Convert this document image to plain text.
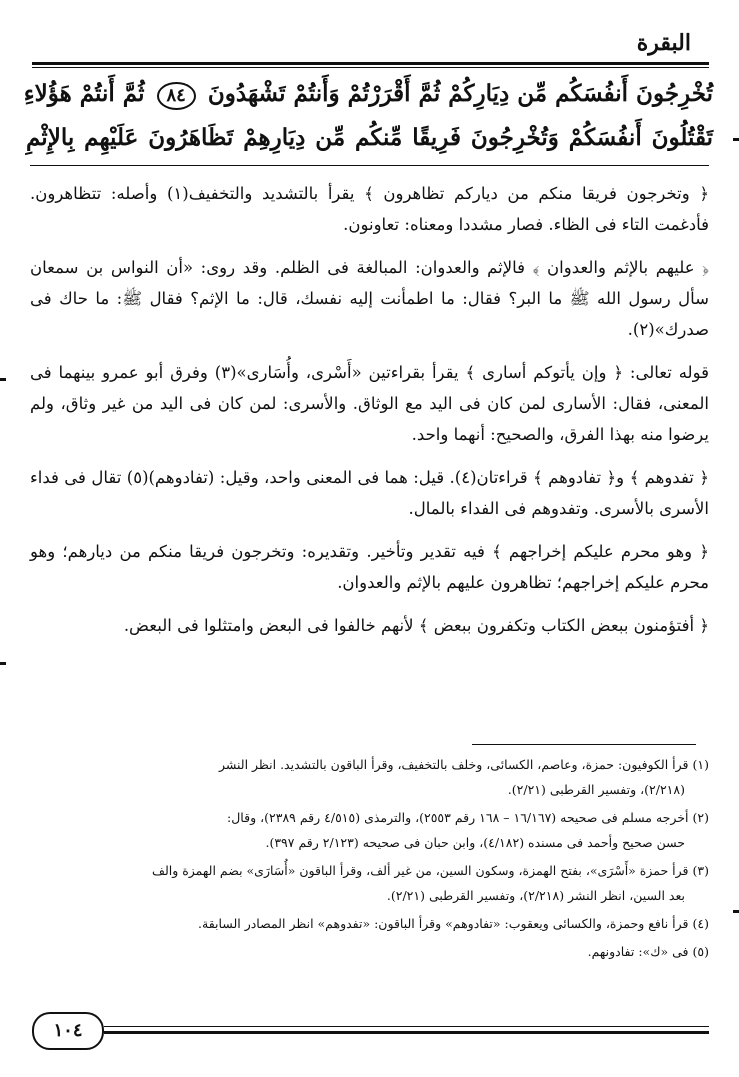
البقرة
تُخْرِجُونَ أَنفُسَكُم مِّن دِيَارِكُمْ ثُمَّ أَقْرَرْتُمْ وَأَنتُمْ تَشْهَدُونَ ٨٤ ثُمَّ أَنتُمْ هَؤُلاءِ
تَقْتُلُونَ أَنفُسَكُمْ وَتُخْرِجُونَ فَرِيقًا مِّنكُم مِّن دِيَارِهِمْ تَظَاهَرُونَ عَلَيْهِم بِالإِثْمِ

﴿ وتخرجون فريقا منكم من دياركم تظاهرون ﴾ يقرأ بالتشديد والتخفيف(١) وأصله: تتظاهرون. فأدغمت التاء فى الظاء. فصار مشددا ومعناه: تعاونون.

﴿ عليهم بالإثم والعدوان ﴾ فالإثم والعدوان: المبالغة فى الظلم. وقد روى: «أن النواس بن سمعان سأل رسول الله ﷺ ما البر؟ فقال: ما اطمأنت إليه نفسك، قال: ما الإثم؟ فقال ﷺ: ما حاك فى صدرك»(٢).

قوله تعالى: ﴿ وإن يأتوكم أسارى ﴾ يقرأ بقراءتين «أَسْرى، وأُسَارى»(٣) وفرق أبو عمرو بينهما فى المعنى، فقال: الأسارى لمن كان فى اليد مع الوثاق. والأسرى: لمن كان فى اليد من غير وثاق، ولم يرضوا منه بهذا الفرق، والصحيح: أنهما واحد.

﴿ تفدوهم ﴾ و﴿ تفادوهم ﴾ قراءتان(٤). قيل: هما فى المعنى واحد، وقيل: (تفادوهم)(٥) تقال فى فداء الأسرى بالأسرى. وتفدوهم فى الفداء بالمال.

﴿ وهو محرم عليكم إخراجهم ﴾ فيه تقدير وتأخير. وتقديره: وتخرجون فريقا منكم من ديارهم؛ وهو محرم عليكم إخراجهم؛ تظاهرون عليهم بالإثم والعدوان.

﴿ أفتؤمنون ببعض الكتاب وتكفرون ببعض ﴾ لأنهم خالفوا فى البعض وامتثلوا فى البعض.

(١) قرأ الكوفيون: حمزة، وعاصم، الكسائى، وخلف بالتخفيف، وقرأ الباقون بالتشديد. انظر النشر
(٢/٢١٨)، وتفسير القرطبى (٢/٢١).
(٢) أخرجه مسلم فى صحيحه (١٦/١٦٧ – ١٦٨ رقم ٢٥٥٣)، والترمذى (٤/٥١٥ رقم ٢٣٨٩)، وقال:
حسن صحيح وأحمد فى مسنده (٤/١٨٢)، وابن حبان فى صحيحه (٢/١٢٣ رقم ٣٩٧).
(٣) قرأ حمزة «أَسْرَى»، بفتح الهمزة، وسكون السين، من غير ألف، وقرأ الباقون «أُسَارَى» بضم الهمزة والف
بعد السين، انظر النشر (٢/٢١٨)، وتفسير القرطبى (٢/٢١).
(٤) قرأ نافع وحمزة، والكسائى ويعقوب: «تفادوهم» وقرأ الباقون: «تفدوهم» انظر المصادر السابقة.
(٥) فى «ك»: تفادونهم.
١٠٤
